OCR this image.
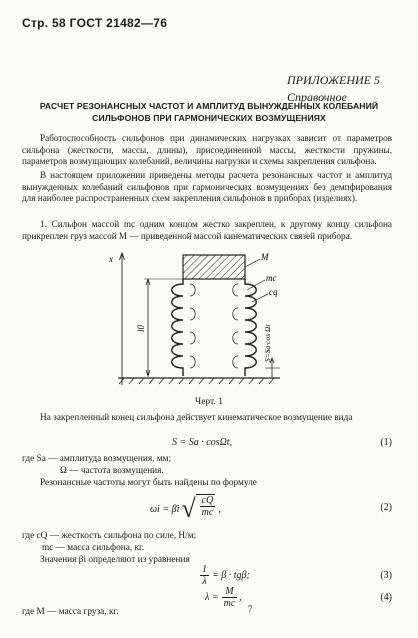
Стр. 58 ГОСТ 21482—76
ПРИЛОЖЕНИЕ 5
Справочное
РАСЧЕТ РЕЗОНАНСНЫХ ЧАСТОТ И АМПЛИТУД ВЫНУЖДЕННЫХ КОЛЕБАНИЙ СИЛЬФОНОВ ПРИ ГАРМОНИЧЕСКИХ ВОЗМУЩЕНИЯХ

Работоспособность сильфонов при динамических нагрузках зависит от параметров сильфона (жесткости, массы, длины), присоединенной массы, жесткости пружины, параметров возмущающих колебаний, величины нагрузки и схемы закрепления сильфона.

В настоящем приложении приведены методы расчета резонансных частот и амплитуд вынужденных колебаний сильфонов при гармонических возмущениях без демпфирования для наиболее распространенных схем закрепления сильфонов в приборах (изделиях).

1. Сильфон массой mс одним концом жестко закреплен, к другому концу сильфона прикреплен груз массой M — приведенной массой кинематических связей прибора.

x	M
mс
cq
l0	S=Sа·cos Ωt
Черт. 1
На закрепленный конец сильфона действует кинематическое возмущение вида
S = Sа · cosΩt,	(1)
где Sа — амплитуда возмущения, мм;
Ω — частота возмущения.
Резонансные частоты могут быть найдены по формуле
ωi = βi √ $\frac{cQ}{mс}$ ,	(2)
где cQ — жесткость сильфона по силе, Н/м;
mс — масса сильфона, кг.
Значения βi определяют из уравнения
$\frac{1}{\lambda} = \beta \cdot tg\beta$;	(3)
$\lambda = \frac{M}{mс}$ ,	(4)
где M — масса груза, кг.	7
